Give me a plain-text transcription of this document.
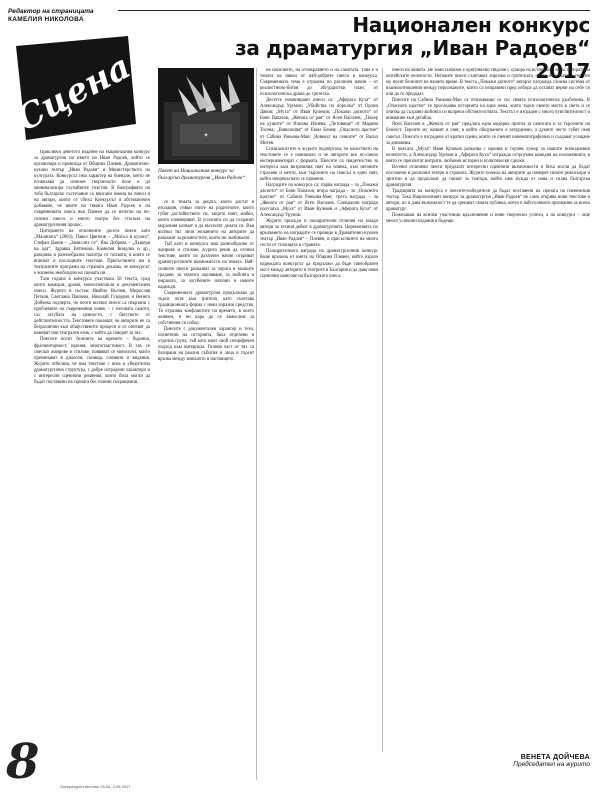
Редактор на страницата
КАМЕЛИЯ НИКОЛОВА	Национален конкурс
за драматургия „Иван Радоев“ 2017
Сцена	✦
Пакет на Националния конкурс за българска драматургия „Иван Радоев“

Приключи деветото издание на Националния конкурс за драматургия на името на Иван Радоев, който се организира и провежда от Община Плевен, Драматично-куклен театър „Иван Радоев“ и Министерството на културата. Конкурсът има характер на биенале, което не позволява да изчезне творческото поле и да минимализира случайните участия. В биографията на тоба българско състезание са вписани имена на пиеси и на автори, които се сбиха Конкурсът в абтоманичен добавяне, че ивите на тямата Иван Радоев и на съвременната пиеса във Плевен да се изтегли на по-големи пиеси и много театри без стъпала на драматургичния процес.

Цитирането на отличените досега пиеси като „Малината“ (2003), Павел Цветков – „Мисъл в кулата“, Стефан Цанев – „Замислих се“, Яна Добрева – „Дъщеря на ада“, Здравка Евтимова, Камелия Кондова и др., разкрива и разнообразна палитра от похвати, в която се вписват и последните текстове. Присъствието им в театралните програми на страната доказва, че конкурсът е жизнено необходим на сцената ни.

Тази година в конкурса участваха 58 текста, сред които комедии, драми, моноспектакли и документални пиеси. Журито в състав: Ивайло Вълчев, Мирослав Петков, Светлана Панчева, Николай Гундеров и Венета Дойчева подчерта, че почти всички пиеси са свързани с проблемите на съвременния човек – с неговата самота, със загубата на ценности, с бягството от действителността. Текстовете показват, че авторите не са безразлични към обществените процеси и се опитват да намерят нов театрален език, с който да говорят за тях.

Пиесите носят белезите на времето – бързина, фрагментарност, ирония, многопластовост. В тях се смесват жанрове и стилове, появяват се монолози, които преминават в диалози, сънища, спомени и видения. Журито отбеляза, че има текстове с ясна и убедителна драматургична структура, с добре изградени характери и с интересни сценични решения, които биха могли да бъдат поставени на сцената без големи съкращения.

се и темата за децата, които растат в изолация, извън очите на родителите, които губят достойнството си, защото пият, майки, които изневеряват. В усилията си да съхранят моралния климат и да въплътят делата си. Във всички тях личи желанието на авторите да разкажат за реалностите, които ни заобикалят.

Тъй като в конкурса има разнообразие от жанрове и стилове, журито реши да отличи текстове, които по различен начин откриват драматургичните възможности на темата. Най-силните пиеси разказват за хората в малките градове, за тяхното оцеляване, за любовта и омразата, за загубените илюзии и новите надежди.

Съвременната драматургия продължава да търси пътя към зрителя, като съчетава традиционната форма с нови изразни средства. Тя отразява конфликтите на времето, в което живеем, и ни кара да се замислим за собствения си избор.

Пиесите с документален характер и тези, посветени на историята, бяха отделени в отделна група, тъй като имат свой специфичен подход към материала. Голяма част от тях са базирани на реални събития и лица и търсят връзка между миналото и настоящето.

на насилието, на отхвърлянето и на самотата. Това е и темата на някои от най-добрите пиеси в конкурса. Съвременната тема е отразена по различен начин – от реалистично-битов до абсурдистки план, от психологическа драма до гротеска.

Десетте номинирани пиеси са: „Аферата Куха“ от Александър Урумов; „Убийства по поръчка“ от Орлин Дяков; „Муха“ от Иван Кулеков; „Покажи дясното“ от Боян Папазов; „Жената от рая“ от Ясен Василев; „Покер на душите“ от Илиана Илиева; „Летовище“ от Марина Тосева; „Вавилония“ от Емил Бонев; „Опасното щастие“ от Сабина Раньова-Ман; „Човекът на сенките“ от Васил Митев.

Специалистите в журито подчертаха, че качеството на текстовете се е повишило и че авторите все по-смело експериментират с формата. Пиесите са свидетелство за интереса към вътрешния свят на човека, към неговите страхове и мечти, към търсенето на смисъл в един свят, който непрекъснато се променя.

Наградите на конкурса са: първа награда – за „Покажи дясното“ от Боян Папазов; втора награда – за „Опасното щастие“ от Сабина Раньова-Ман; трета награда – за „Жената от рая“ от Ясен Василев. Специални награди получиха „Муха“ от Иван Кулеков и „Аферата Куха“ от Александър Урумов.

Журито присъди и поощрителни отличия на млади автори за техния дебют в драматургията. Церемонията по връчването на наградите се проведе в Драматично-куклен театър „Иван Радоев“ – Плевен, в присъствието на много гости от столицата и страната.

Поощрителната награда на драматургичния конкурс беше връчена от кмета на Община Плевен, който изрази надеждата конкурсът да продължи да бъде своеобразен мост между авторите и театрите в България и да дава нови сценични шансове на българската пиеса.

пиеси на живота. Не Боян Папазов е оригинално свързан с хумора на истинското и със сатирата на житейските нелепости. Неговите пиеси съчетават лиризма и гротеската, смеха и болката, а героите му носят белезите на нашето време. В текста „Покажи дясното“ авторът изгражда сложна система от взаимоотношения между персонажите, които са изправени пред избора да останат верни на себе си или да се предадат.

Пиесите на Сабина Раньова-Ман са отличаващи се със своята психологическа дълбочина. В „Опасното щастие“ тя проследява историята на една жена, която търси своето място в света и се опитва да съхрани любовта си въпреки обстоятелствата. Текстът е изграден с много чувствителност и внимание към детайла.

Ясен Василев в „Жената от рая“ предлага една модерна притча за самотата и за търсенето на близост. Героите му живеят в свят, в който общуването е затруднено, а думите често губят своя смисъл. Пиесата е изградена от кратки сцени, които се сменят кинематографично и създават усещане за динамика.

В пиесата „Муха“ Иван Кулеков разказва с ирония и горчив хумор за нашите всекидневни нелепости, а Александър Урумов в „Аферата Куха“ изгражда остроумна комедия на положенията, в която се преплитат интриги, любовни истории и политически сделки.

Всички отличени пиеси предлагат интересни сценични възможности и биха могли да бъдат поставени в различни театри в страната. Журито пожела на авторите да намерят своите режисьори и зрители и да продължат да пишат за театъра, който има нужда от нова и силна българска драматургия.

Традицията на конкурса е пиесите-победители да бъдат поставени на сцената на плевенския театър. Така Националният конкурс за драматургия „Иван Радоев“ не само открива нови текстове и автори, но и дава възможност те да срещнат своята публика, което е най-голямото признание за всеки драматург.

Пожелавам на всички участници вдъхновение и нови творчески успехи, а на конкурса – още много успешни издания в бъдеще.

ВЕНЕТА ДОЙЧЕВА
Председател на журито
8	Литературен вестник 26.04.-2.05.2017
